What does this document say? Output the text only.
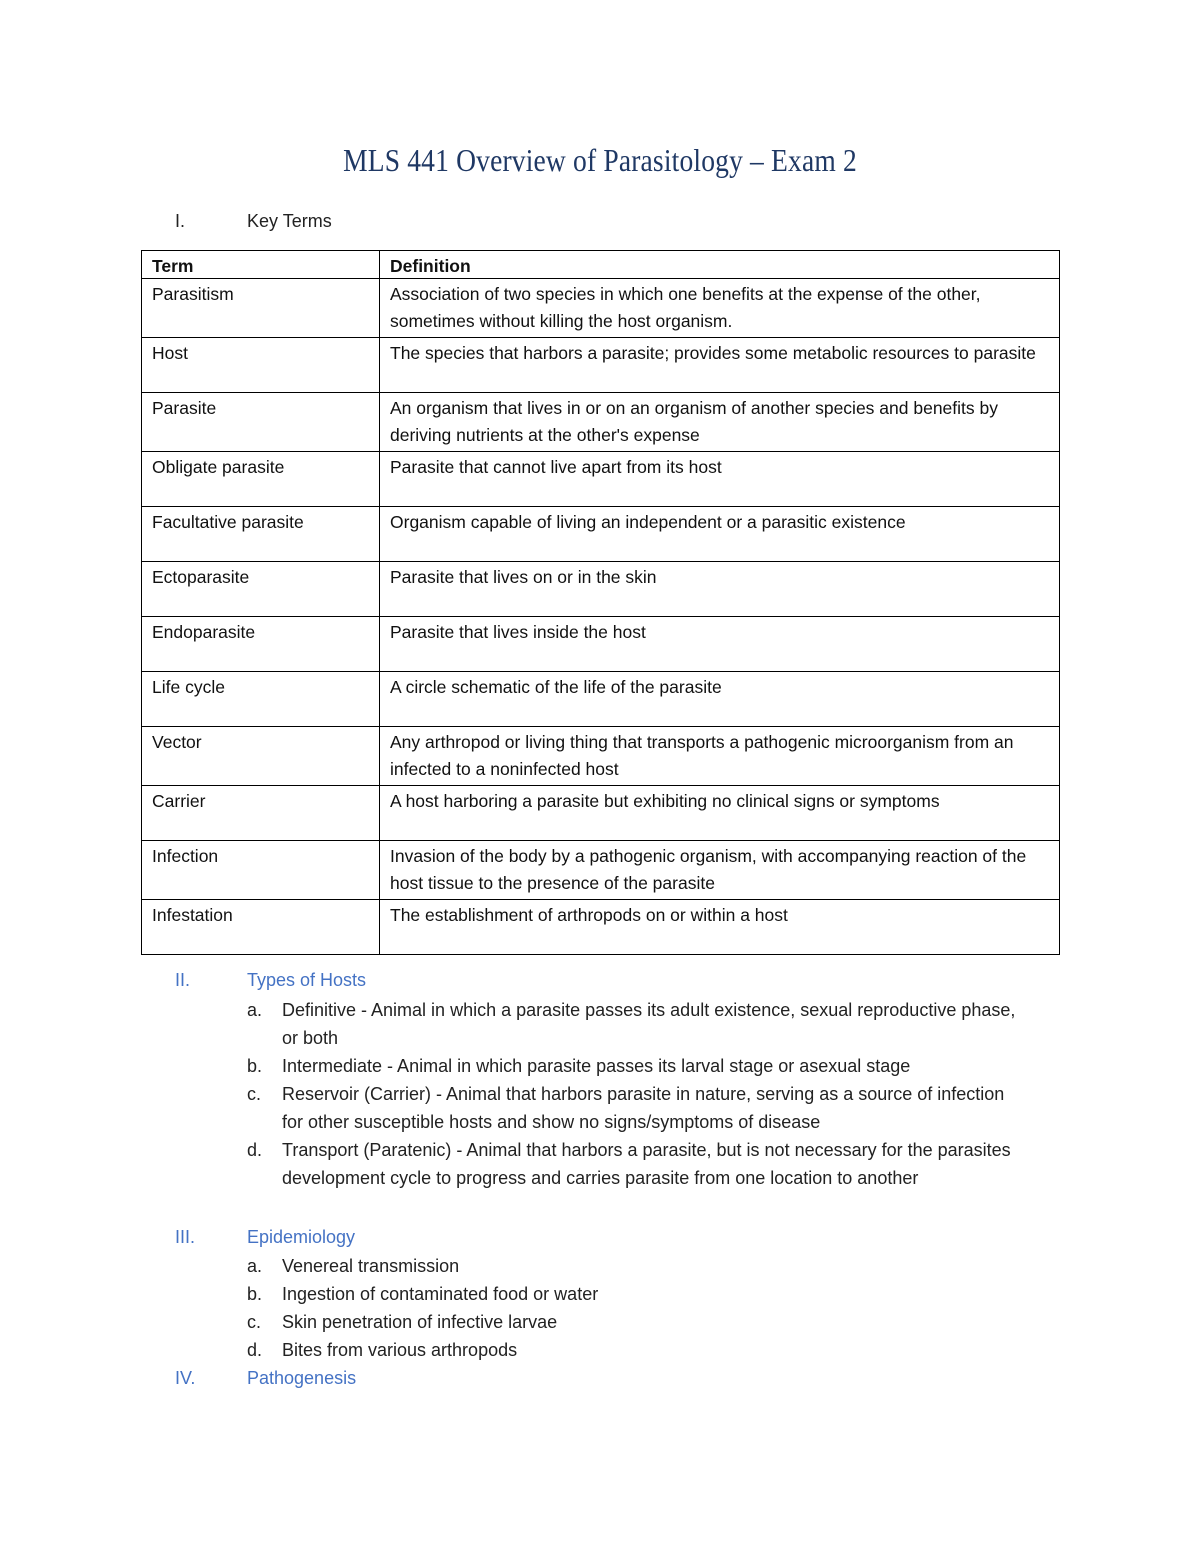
MLS 441 Overview of Parasitology – Exam 2
I.	Key Terms
Term	Definition
Parasitism	Association of two species in which one benefits at the expense of the other, sometimes without killing the host organism.
Host	The species that harbors a parasite; provides some metabolic resources to parasite
Parasite	An organism that lives in or on an organism of another species and benefits by deriving nutrients at the other's expense
Obligate parasite	Parasite that cannot live apart from its host
Facultative parasite	Organism capable of living an independent or a parasitic existence
Ectoparasite	Parasite that lives on or in the skin
Endoparasite	Parasite that lives inside the host
Life cycle	A circle schematic of the life of the parasite
Vector	Any arthropod or living thing that transports a pathogenic microorganism from an infected to a noninfected host
Carrier	A host harboring a parasite but exhibiting no clinical signs or symptoms
Infection	Invasion of the body by a pathogenic organism, with accompanying reaction of the host tissue to the presence of the parasite
Infestation	The establishment of arthropods on or within a host
II.	Types of Hosts
a. Definitive - Animal in which a parasite passes its adult existence, sexual reproductive phase, or both
b. Intermediate - Animal in which parasite passes its larval stage or asexual stage
c. Reservoir (Carrier) - Animal that harbors parasite in nature, serving as a source of infection for other susceptible hosts and show no signs/symptoms of disease
d. Transport (Paratenic) - Animal that harbors a parasite, but is not necessary for the parasites development cycle to progress and carries parasite from one location to another
III.	Epidemiology
a. Venereal transmission
b. Ingestion of contaminated food or water
c. Skin penetration of infective larvae
d. Bites from various arthropods
IV.	Pathogenesis
